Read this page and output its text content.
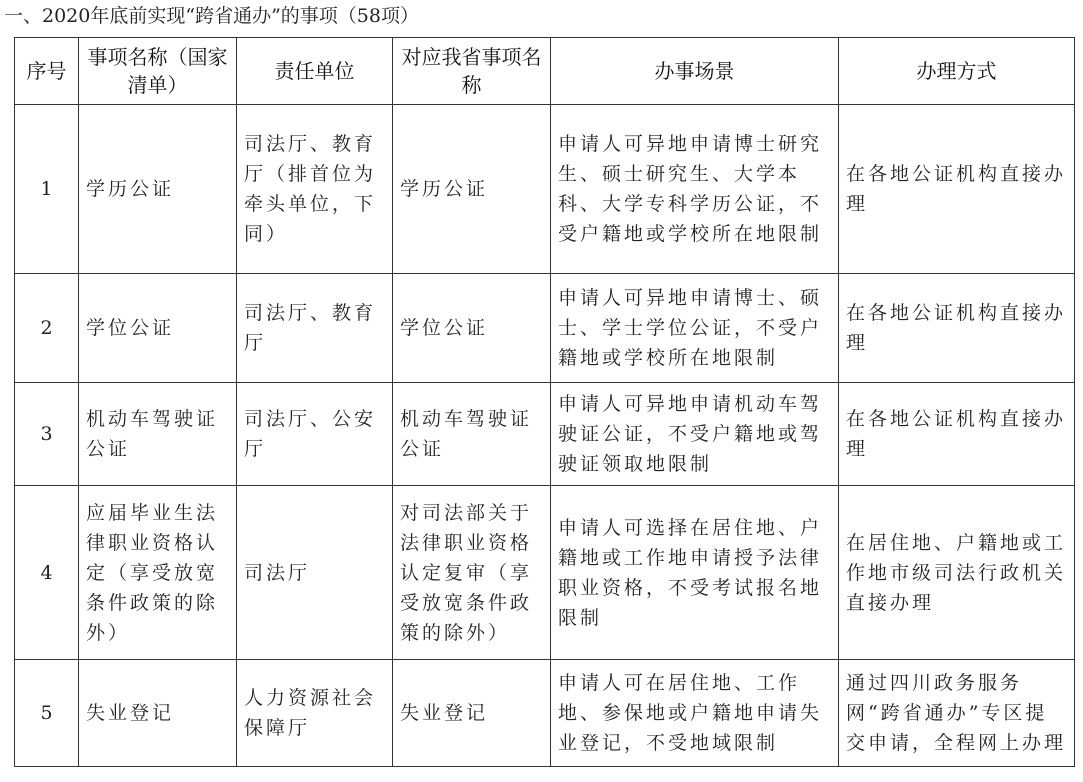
一、2020年底前实现“跨省通办”的事项（58项）
序号	事项名称（国家清单）	责任单位	对应我省事项名称	办事场景	办理方式
1	学历公证	司法厅、教育厅（排首位为牵头单位，下同）	学历公证	申请人可异地申请博士研究生、硕士研究生、大学本科、大学专科学历公证，不受户籍地或学校所在地限制	在各地公证机构直接办理
2	学位公证	司法厅、教育厅	学位公证	申请人可异地申请博士、硕士、学士学位公证，不受户籍地或学校所在地限制	在各地公证机构直接办理
3	机动车驾驶证公证	司法厅、公安厅	机动车驾驶证公证	申请人可异地申请机动车驾驶证公证，不受户籍地或驾驶证领取地限制	在各地公证机构直接办理
4	应届毕业生法律职业资格认定（享受放宽条件政策的除外）	司法厅	对司法部关于法律职业资格认定复审（享受放宽条件政策的除外）	申请人可选择在居住地、户籍地或工作地申请授予法律职业资格，不受考试报名地限制	在居住地、户籍地或工作地市级司法行政机关直接办理
5	失业登记	人力资源社会保障厅	失业登记	申请人可在居住地、工作地、参保地或户籍地申请失业登记，不受地域限制	通过四川政务服务网“跨省通办”专区提交申请，全程网上办理
